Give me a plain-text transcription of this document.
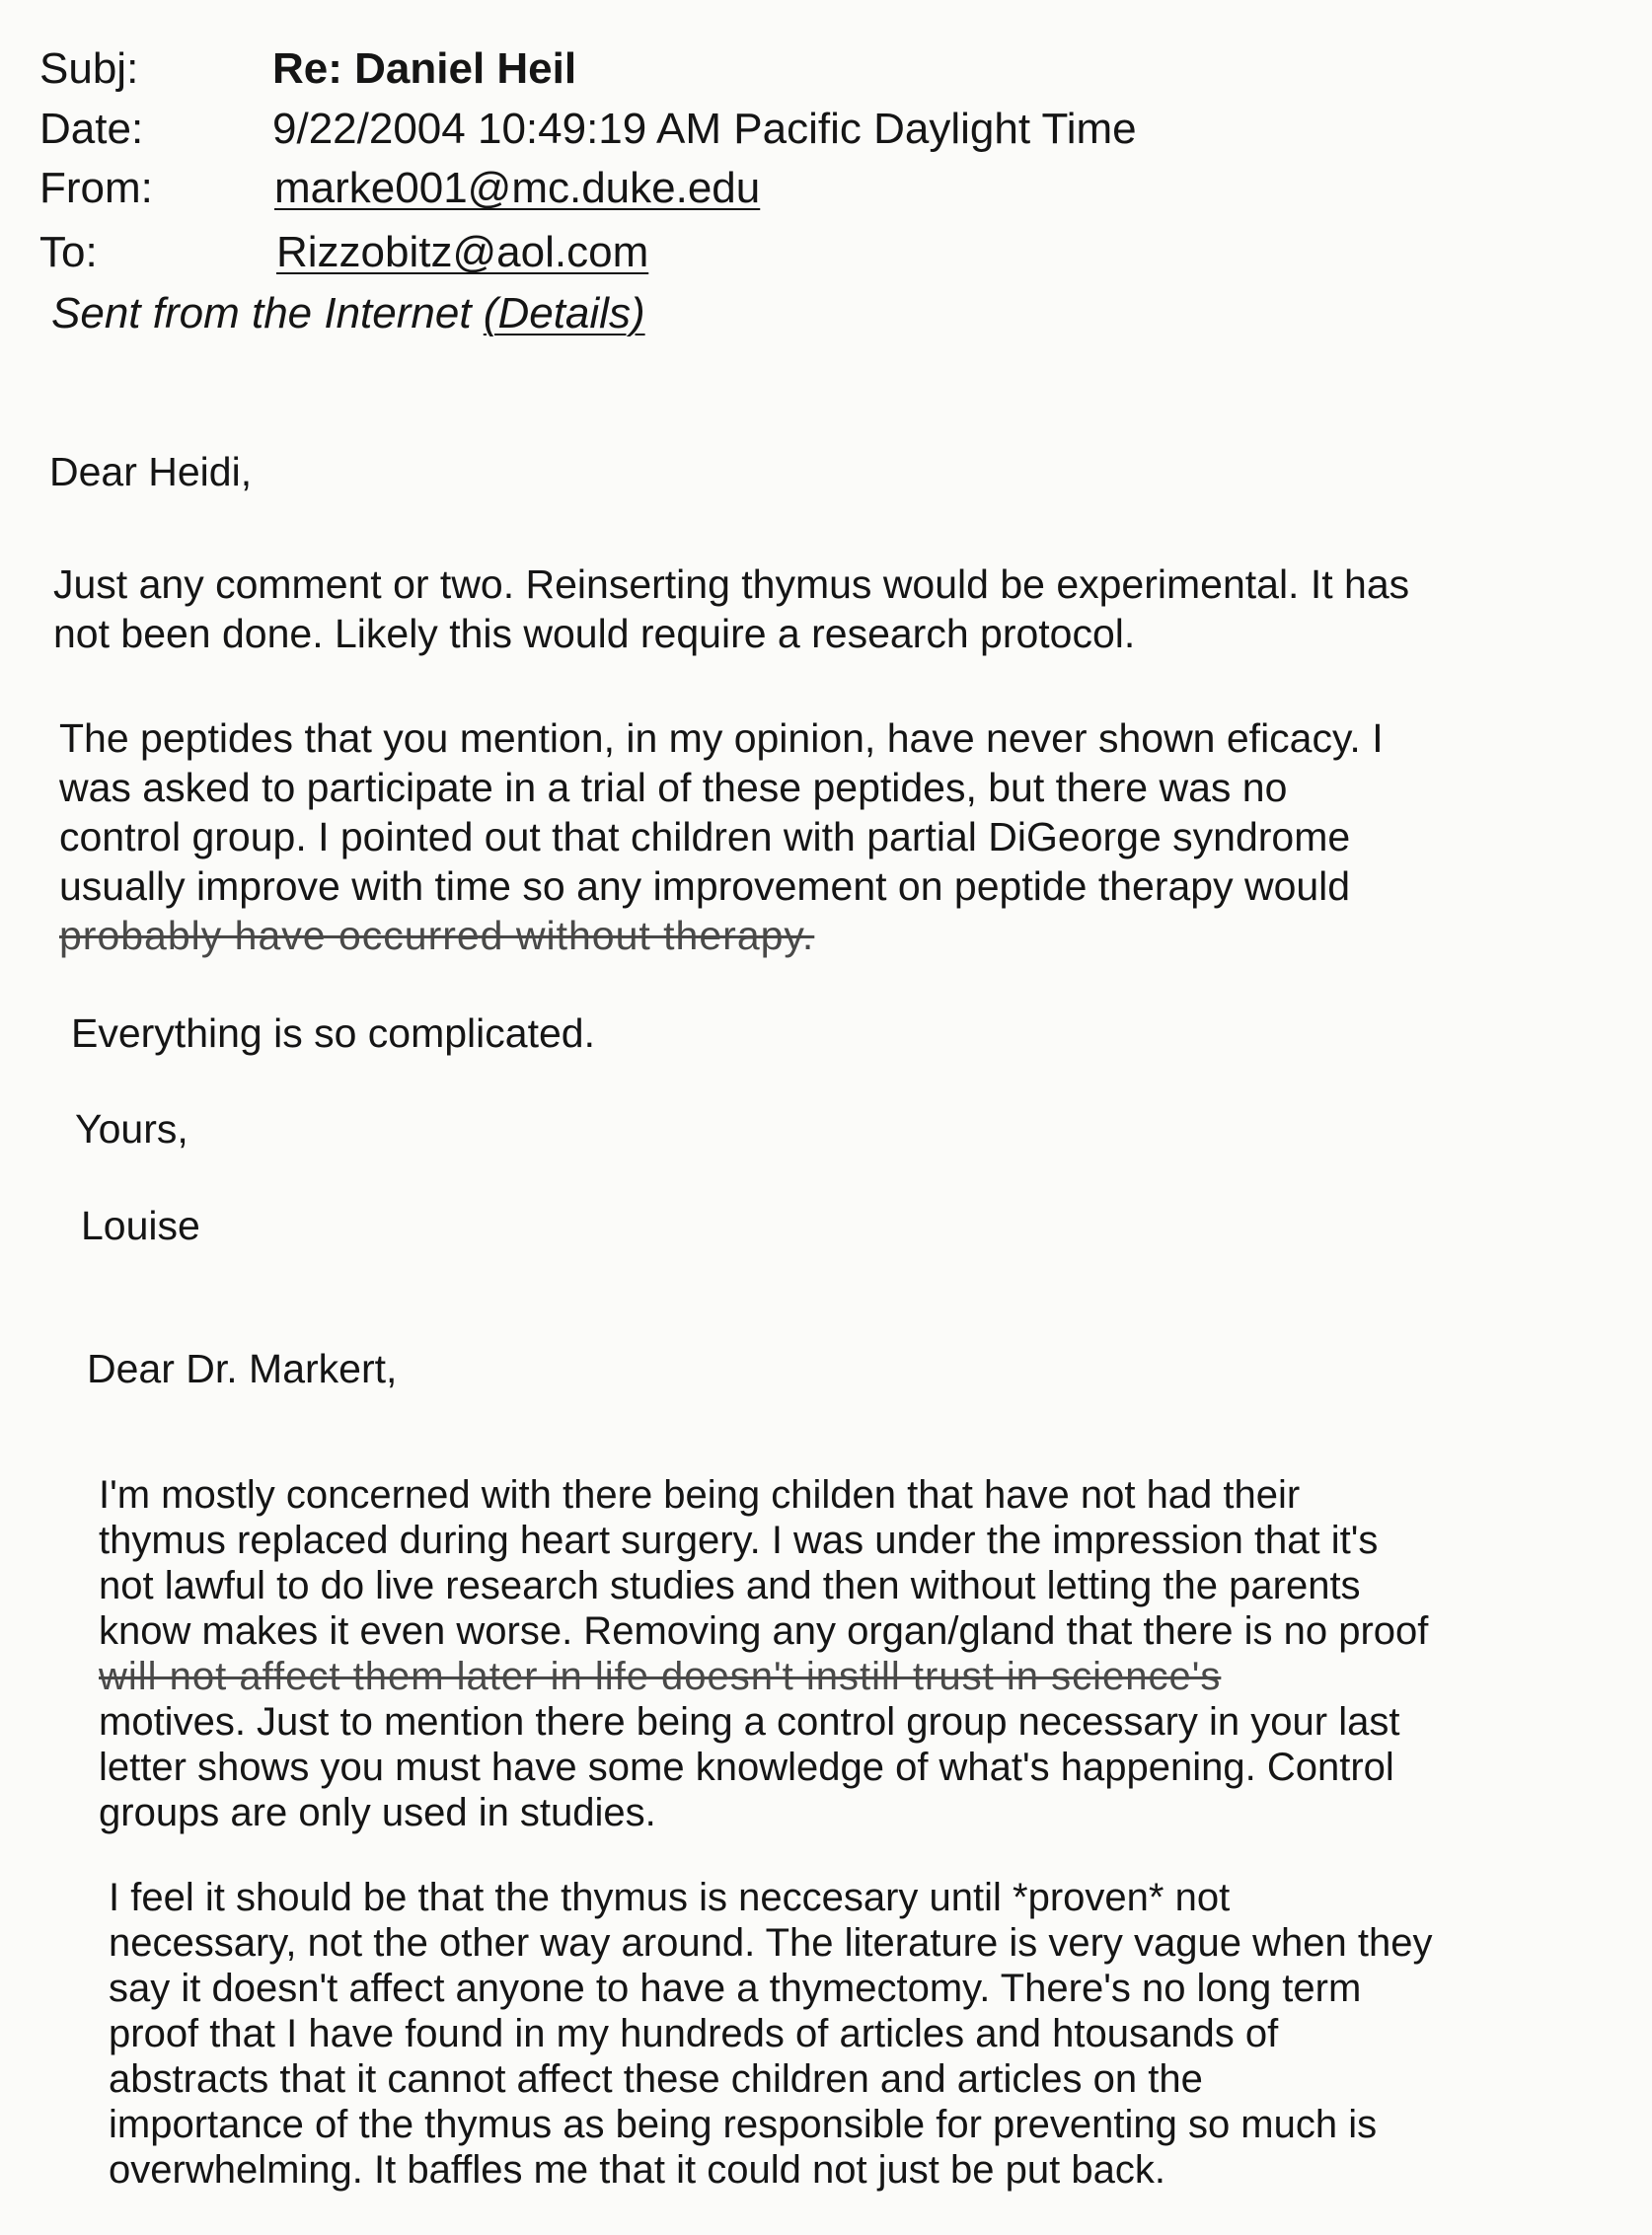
Subj:	Re: Daniel Heil
Date:	9/22/2004 10:49:19 AM Pacific Daylight Time
From:	marke001@mc.duke.edu
To:	Rizzobitz@aol.com
Sent from the Internet (Details)
Dear Heidi,
Just any comment or two. Reinserting thymus would be experimental. It has
not been done. Likely this would require a research protocol.
The peptides that you mention, in my opinion, have never shown eficacy. I
was asked to participate in a trial of these peptides, but there was no
control group. I pointed out that children with partial DiGeorge syndrome
usually improve with time so any improvement on peptide therapy would
probably have occurred without therapy.
Everything is so complicated.
Yours,
Louise
Dear Dr. Markert,
I'm mostly concerned with there being childen that have not had their
thymus replaced during heart surgery. I was under the impression that it's
not lawful to do live research studies and then without letting the parents
know makes it even worse. Removing any organ/gland that there is no proof
will not affect them later in life doesn't instill trust in science's
motives. Just to mention there being a control group necessary in your last
letter shows you must have some knowledge of what's happening. Control
groups are only used in studies.
I feel it should be that the thymus is neccesary until *proven* not
necessary, not the other way around. The literature is very vague when they
say it doesn't affect anyone to have a thymectomy. There's no long term
proof that I have found in my hundreds of articles and htousands of
abstracts that it cannot affect these children and articles on the
importance of the thymus as being responsible for preventing so much is
overwhelming. It baffles me that it could not just be put back.
